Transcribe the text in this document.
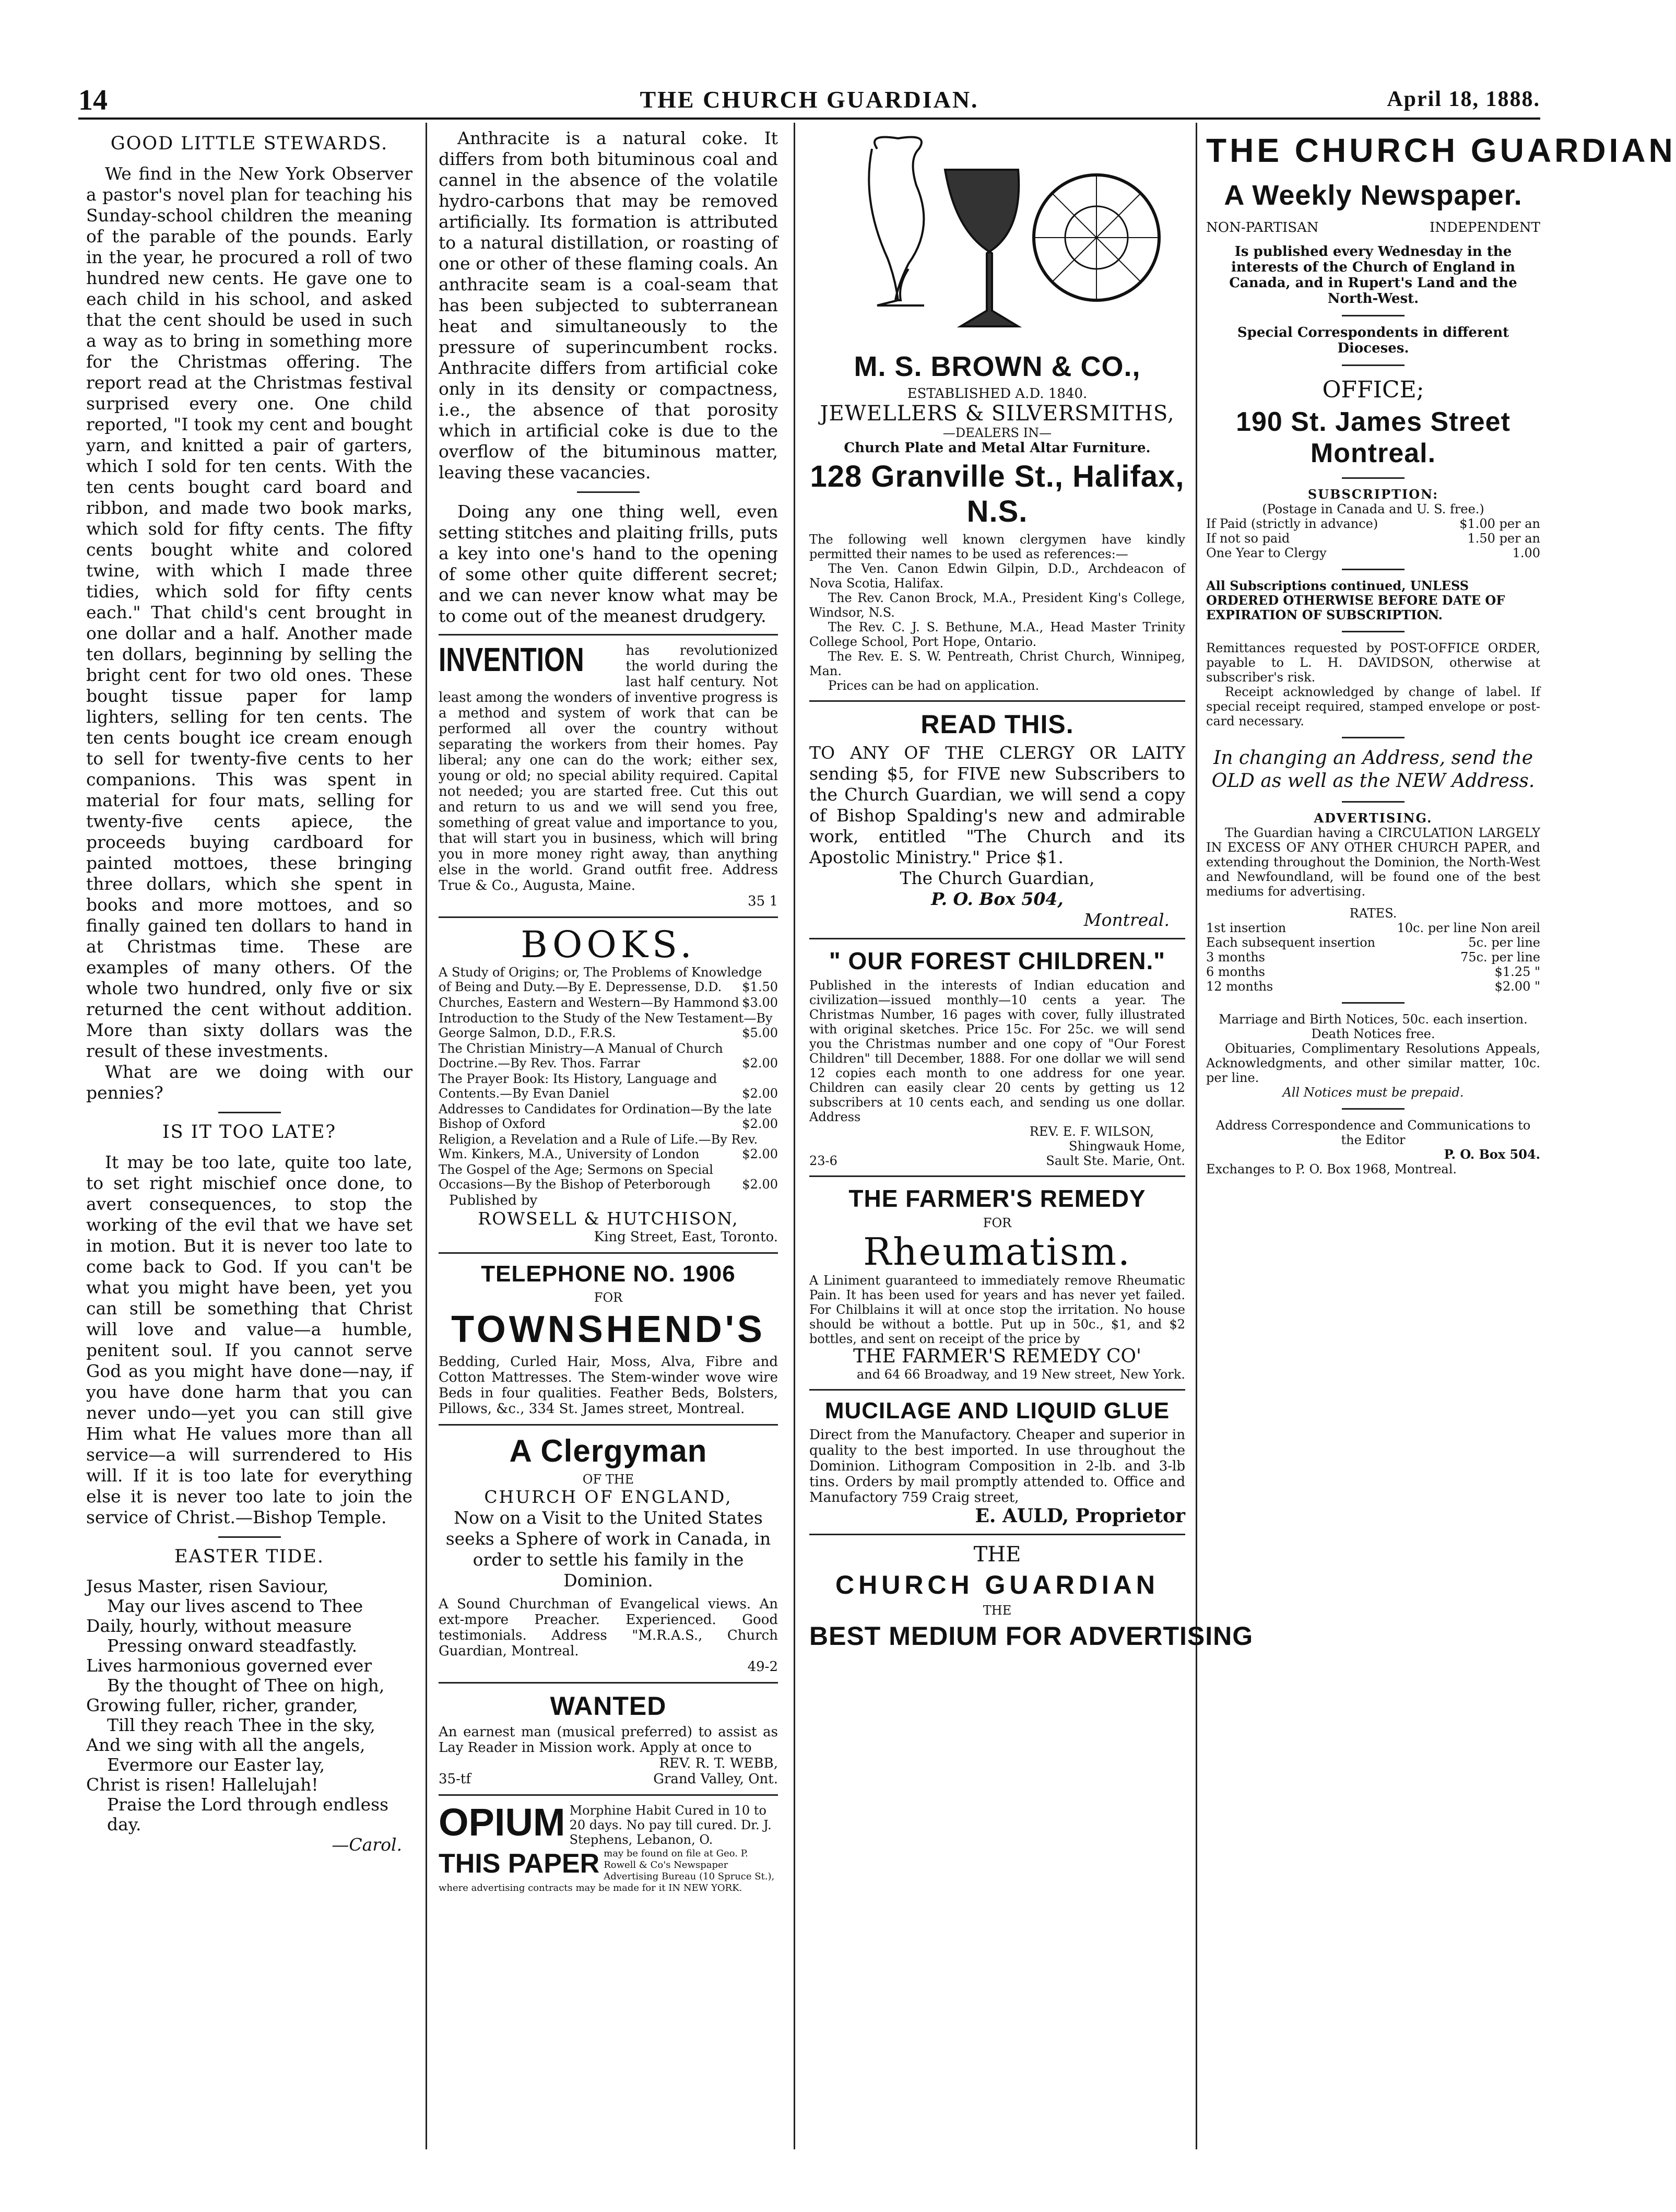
14	THE CHURCH GUARDIAN.	April 18, 1888.
GOOD LITTLE STEWARDS.

We find in the New York Observer a pastor's novel plan for teaching his Sunday-school children the meaning of the parable of the pounds. Early in the year, he procured a roll of two hundred new cents. He gave one to each child in his school, and asked that the cent should be used in such a way as to bring in something more for the Christmas offering. The report read at the Christmas festival surprised every one. One child reported, "I took my cent and bought yarn, and knitted a pair of garters, which I sold for ten cents. With the ten cents bought card board and ribbon, and made two book marks, which sold for fifty cents. The fifty cents bought white and colored twine, with which I made three tidies, which sold for fifty cents each." That child's cent brought in one dollar and a half. Another made ten dollars, beginning by selling the bright cent for two old ones. These bought tissue paper for lamp lighters, selling for ten cents. The ten cents bought ice cream enough to sell for twenty-five cents to her companions. This was spent in material for four mats, selling for twenty-five cents apiece, the proceeds buying cardboard for painted mottoes, these bringing three dollars, which she spent in books and more mottoes, and so finally gained ten dollars to hand in at Christmas time. These are examples of many others. Of the whole two hundred, only five or six returned the cent without addition. More than sixty dollars was the result of these investments.

What are we doing with our pennies?

IS IT TOO LATE?

It may be too late, quite too late, to set right mischief once done, to avert consequences, to stop the working of the evil that we have set in motion. But it is never too late to come back to God. If you can't be what you might have been, yet you can still be something that Christ will love and value—a humble, penitent soul. If you cannot serve God as you might have done—nay, if you have done harm that you can never undo—yet you can still give Him what He values more than all service—a will surrendered to His will. If it is too late for everything else it is never too late to join the service of Christ.—Bishop Temple.

EASTER TIDE.

Jesus Master, risen Saviour,

May our lives ascend to Thee

Daily, hourly, without measure

Pressing onward steadfastly.

Lives harmonious governed ever

By the thought of Thee on high,

Growing fuller, richer, grander,

Till they reach Thee in the sky,

And we sing with all the angels,

Evermore our Easter lay,

Christ is risen! Hallelujah!

Praise the Lord through endless

day.

—Carol.

Anthracite is a natural coke. It differs from both bituminous coal and cannel in the absence of the volatile hydro-carbons that may be removed artificially. Its formation is attributed to a natural distillation, or roasting of one or other of these flaming coals. An anthracite seam is a coal-seam that has been subjected to subterranean heat and simultaneously to the pressure of superincumbent rocks. Anthracite differs from artificial coke only in its density or compactness, i.e., the absence of that porosity which in artificial coke is due to the overflow of the bituminous matter, leaving these vacancies.

Doing any one thing well, even setting stitches and plaiting frills, puts a key into one's hand to the opening of some other quite different secret; and we can never know what may be to come out of the meanest drudgery.

INVENTION	has revolutionized the world during the last half century. Not least among the wonders of inventive progress is a method and system of work that can be performed all over the country without separating the workers from their homes. Pay liberal; any one can do the work; either sex, young or old; no special ability required. Capital not needed; you are started free. Cut this out and return to us and we will send you free, something of great value and importance to you, that will start you in business, which will bring you in more money right away, than anything else in the world. Grand outfit free. Address True & Co., Augusta, Maine.

35 1

BOOKS.
A Study of Origins; or, The Problems of Knowledge of Being and Duty.—By E. Depressense, D.D. $1.50
Churches, Eastern and Western—By Hammond $3.00
Introduction to the Study of the New Testament—By George Salmon, D.D., F.R.S.	$5.00
The Christian Ministry—A Manual of Church Doctrine.—By Rev. Thos. Farrar	$2.00
The Prayer Book: Its History, Language and Contents.—By Evan Daniel	$2.00
Addresses to Candidates for Ordination—By the late Bishop of Oxford	$2.00
Religion, a Revelation and a Rule of Life.—By Rev. Wm. Kinkers, M.A., University of London	$2.00
The Gospel of the Age; Sermons on Special Occasions—By the Bishop of Peterborough	$2.00

Published by

ROWSELL & HUTCHISON,

King Street, East, Toronto.

TELEPHONE NO. 1906
FOR
TOWNSHEND'S

Bedding, Curled Hair, Moss, Alva, Fibre and Cotton Mattresses. The Stem-winder wove wire Beds in four qualities. Feather Beds, Bolsters, Pillows, &c., 334 St. James street, Montreal.

A Clergyman
OF THE

CHURCH OF ENGLAND,

Now on a Visit to the United States seeks a Sphere of work in Canada, in order to settle his family in the Dominion.

A Sound Churchman of Evangelical views. An ext-mpore Preacher. Experienced. Good testimonials. Address "M.R.A.S., Church Guardian, Montreal.

49-2

WANTED

An earnest man (musical preferred) to assist as Lay Reader in Mission work. Apply at once to

REV. R. T. WEBB,

35-tf	Grand Valley, Ont.
OPIUM Morphine Habit Cured in 10 to 20 days. No pay till cured. Dr. J. Stephens, Lebanon, O.

THIS PAPER may be found on file at Geo. P. Rowell & Co's Newspaper Advertising Bureau (10 Spruce St.), where advertising contracts may be made for it IN NEW YORK.

M. S. BROWN & CO.,
ESTABLISHED A.D. 1840.
JEWELLERS & SILVERSMITHS,
—DEALERS IN—

Church Plate and Metal Altar Furniture.

128 Granville St., Halifax, N.S.

The following well known clergymen have kindly permitted their names to be used as references:—

The Ven. Canon Edwin Gilpin, D.D., Archdeacon of Nova Scotia, Halifax.

The Rev. Canon Brock, M.A., President King's College, Windsor, N.S.

The Rev. C. J. S. Bethune, M.A., Head Master Trinity College School, Port Hope, Ontario.

The Rev. E. S. W. Pentreath, Christ Church, Winnipeg, Man.

Prices can be had on application.

READ THIS.

TO ANY OF THE CLERGY OR LAITY sending $5, for FIVE new Subscribers to the Church Guardian, we will send a copy of Bishop Spalding's new and admirable work, entitled "The Church and its Apostolic Ministry." Price $1.

The Church Guardian,

P. O. Box 504,

Montreal.

" OUR FOREST CHILDREN."

Published in the interests of Indian education and civilization—issued monthly—10 cents a year. The Christmas Number, 16 pages with cover, fully illustrated with original sketches. Price 15c. For 25c. we will send you the Christmas number and one copy of "Our Forest Children" till December, 1888. For one dollar we will send 12 copies each month to one address for one year. Children can easily clear 20 cents by getting us 12 subscribers at 10 cents each, and sending us one dollar. Address

REV. E. F. WILSON,

Shingwauk Home,

23-6	Sault Ste. Marie, Ont.
THE FARMER'S REMEDY
FOR
Rheumatism.

A Liniment guaranteed to immediately remove Rheumatic Pain. It has been used for years and has never yet failed. For Chilblains it will at once stop the irritation. No house should be without a bottle. Put up in 50c., $1, and $2 bottles, and sent on receipt of the price by

THE FARMER'S REMEDY CO'

and 64 66 Broadway, and 19 New street, New York.

MUCILAGE AND LIQUID GLUE

Direct from the Manufactory. Cheaper and superior in quality to the best imported. In use throughout the Dominion. Lithogram Composition in 2-lb. and 3-lb tins. Orders by mail promptly attended to. Office and Manufactory 759 Craig street,

E. AULD, Proprietor

THE
CHURCH GUARDIAN
THE
BEST MEDIUM FOR ADVERTISING
THE CHURCH GUARDIAN
A Weekly Newspaper.
NON-PARTISAN	INDEPENDENT

Is published every Wednesday in the interests of the Church of England in Canada, and in Rupert's Land and the North-West.

Special Correspondents in different Dioceses.

OFFICE;
190 St. James Street Montreal.
SUBSCRIPTION:
(Postage in Canada and U. S. free.)
If Paid (strictly in advance)	$1.00 per an
If not so paid	1.50 per an
One Year to Clergy	1.00

All Subscriptions continued, UNLESS ORDERED OTHERWISE BEFORE DATE OF EXPIRATION OF SUBSCRIPTION.

Remittances requested by POST-OFFICE ORDER, payable to L. H. DAVIDSON, otherwise at subscriber's risk.

Receipt acknowledged by change of label. If special receipt required, stamped envelope or post-card necessary.

In changing an Address, send the OLD as well as the NEW Address.

ADVERTISING.

The Guardian having a CIRCULATION LARGELY IN EXCESS OF ANY OTHER CHURCH PAPER, and extending throughout the Dominion, the North-West and Newfoundland, will be found one of the best mediums for advertising.

RATES.
1st insertion	10c. per line Non areil
Each subsequent insertion	5c. per line
3 months	75c. per line
6 months	$1.25 "
12 months	$2.00 "

Marriage and Birth Notices, 50c. each insertion. Death Notices free.

Obituaries, Complimentary Resolutions Appeals, Acknowledgments, and other similar matter, 10c. per line.

All Notices must be prepaid.

Address Correspondence and Communications to the Editor

P. O. Box 504.

Exchanges to P. O. Box 1968, Montreal.
